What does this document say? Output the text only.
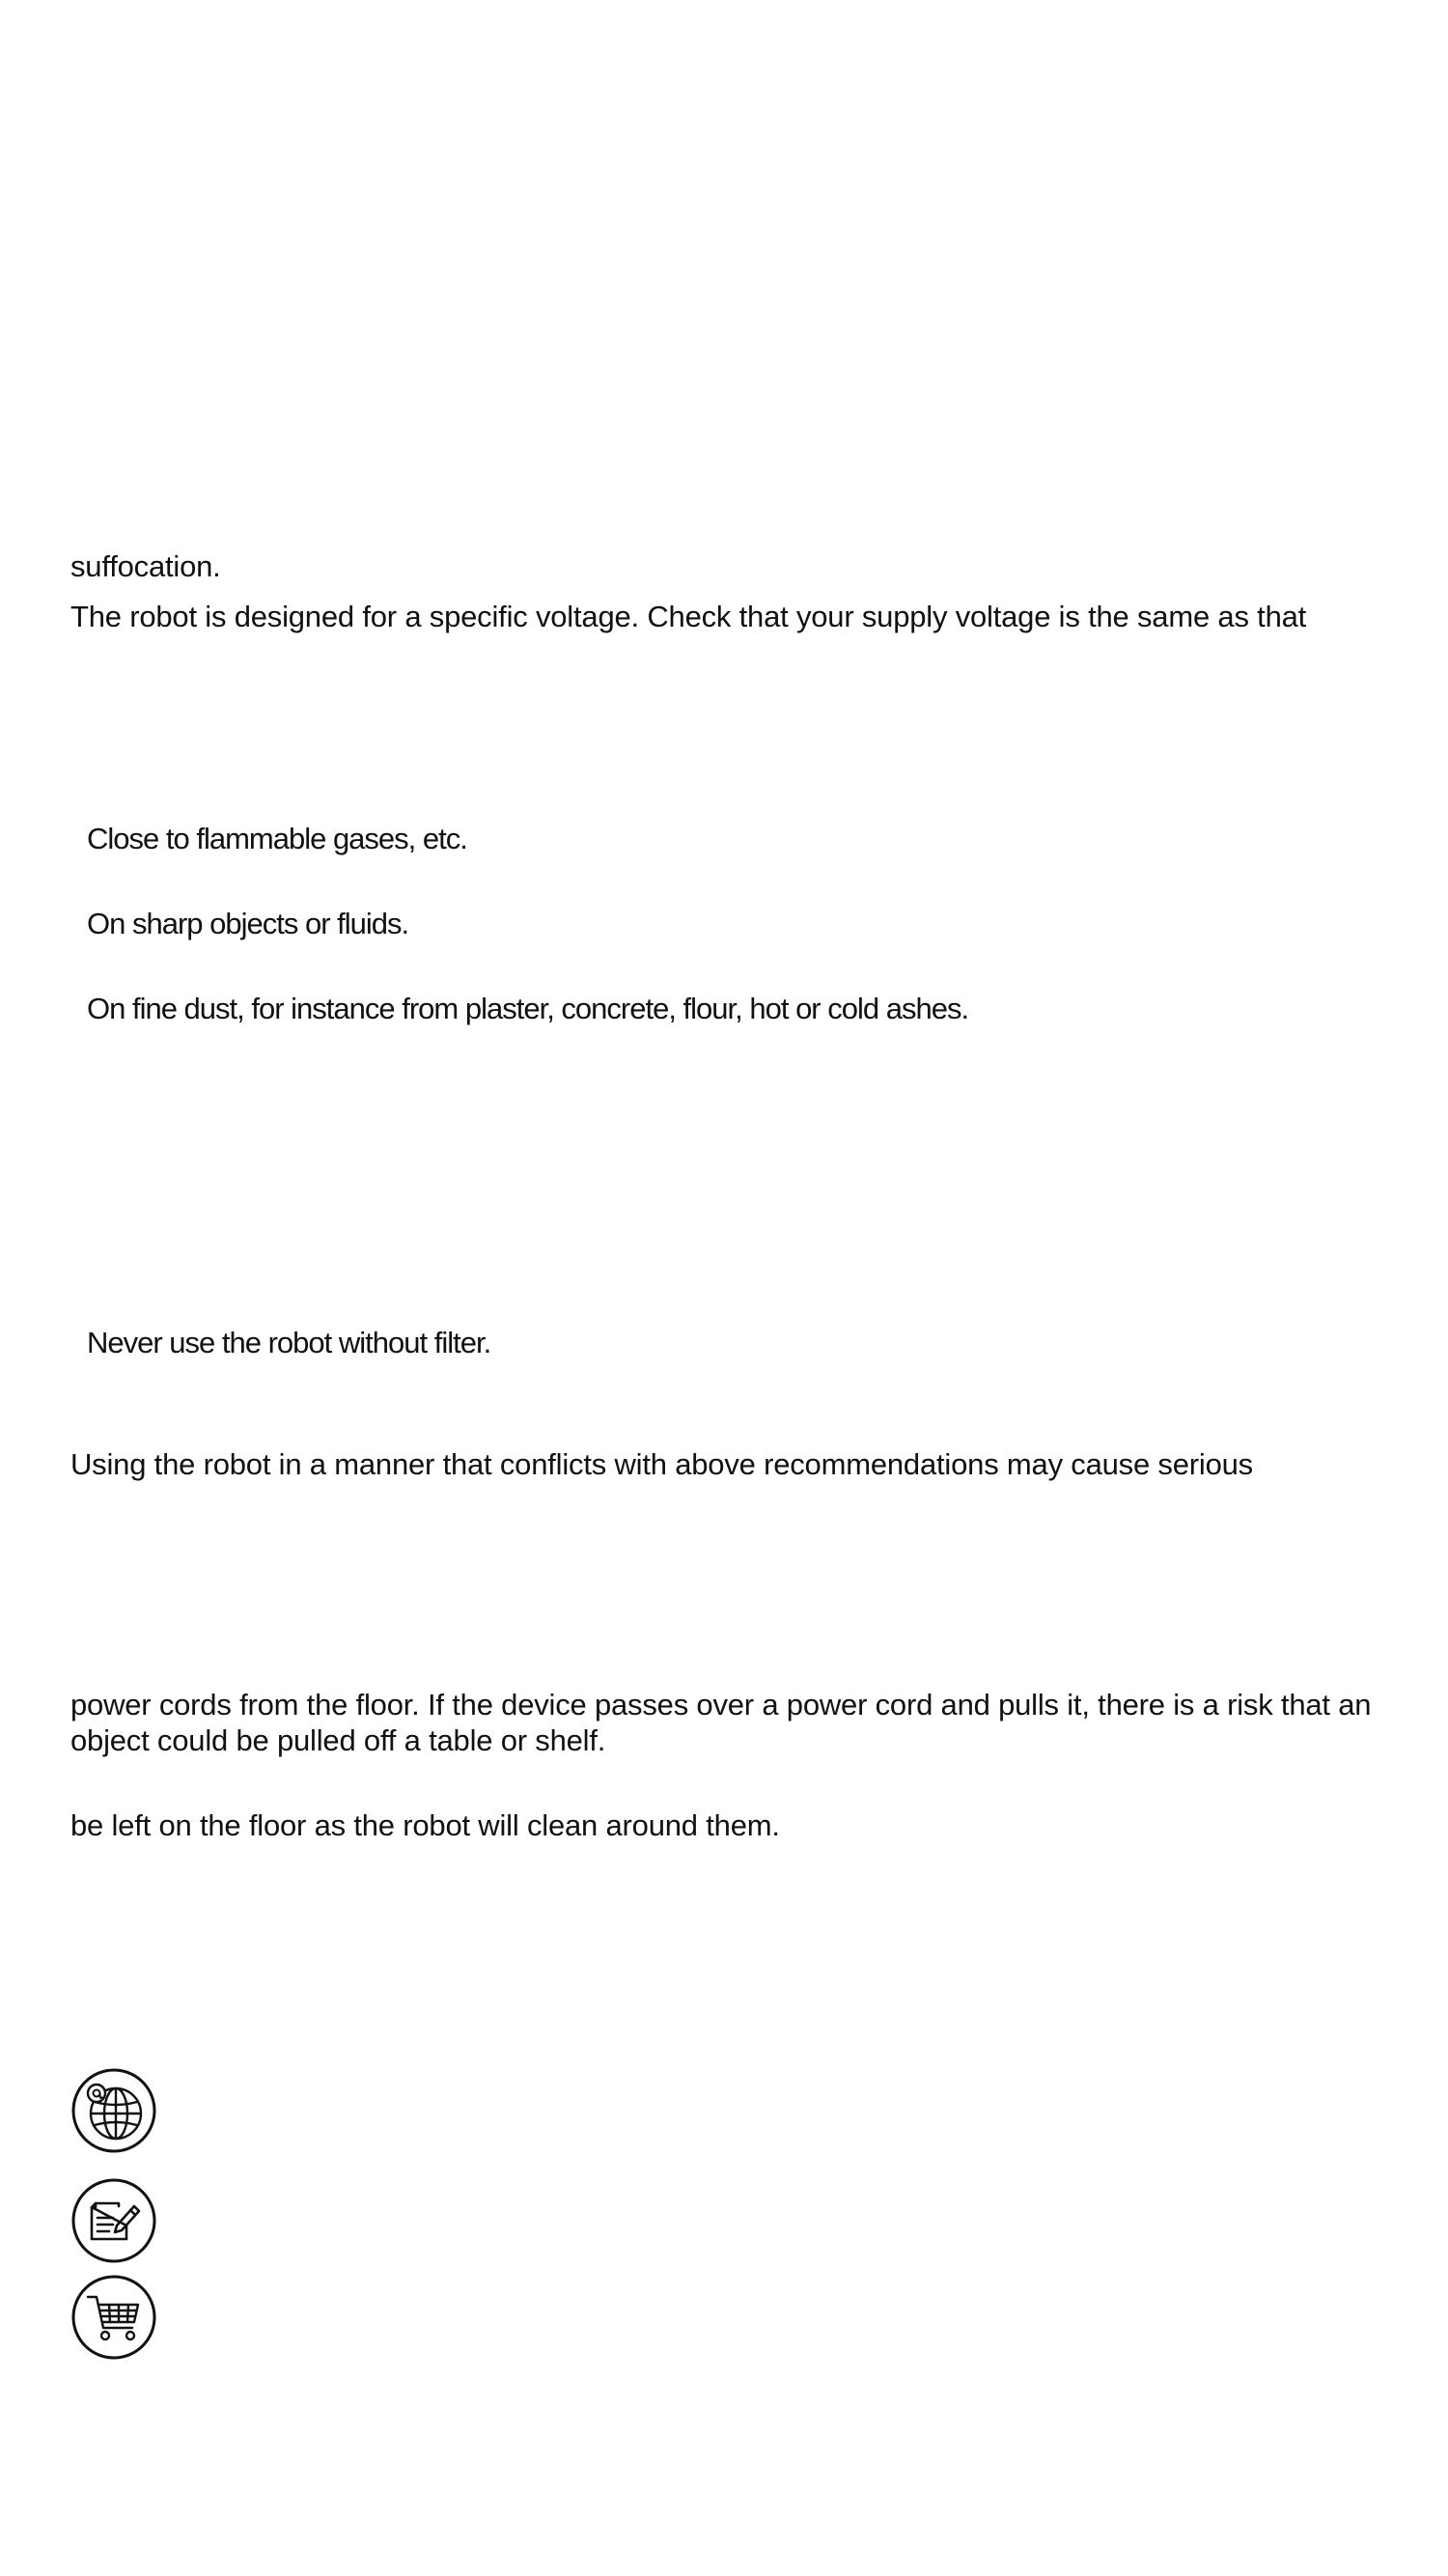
suffocation.

The robot is designed for a specific voltage. Check that your supply voltage is the same as that

Close to flammable gases, etc.

On sharp objects or fluids.

On fine dust, for instance from plaster, concrete, flour, hot or cold ashes.

Never use the robot without filter.

Using the robot in a manner that conflicts with above recommendations may cause serious

power cords from the floor. If the device passes over a power cord and pulls it, there is a risk that an

object could be pulled off a table or shelf.

be left on the floor as the robot will clean around them.
